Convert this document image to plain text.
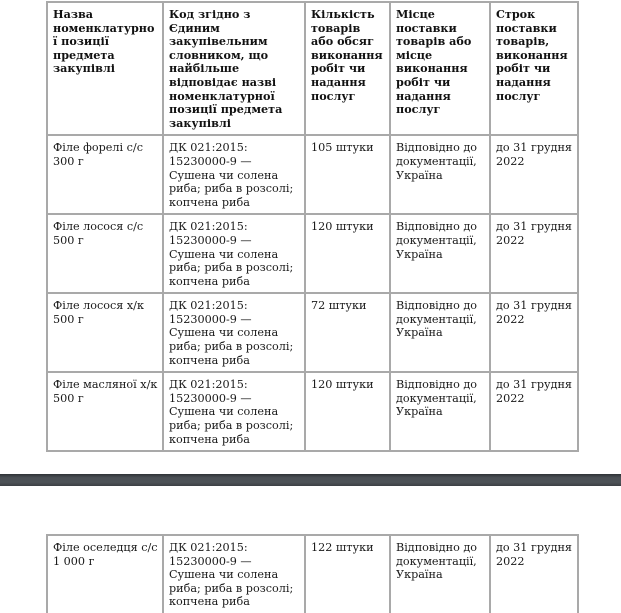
Назва номенклатурної позиції предмета закупівлі	Код згідно з Єдиним закупівельним словником, що найбільше відповідає назві номенклатурної позиції предмета закупівлі	Кількість товарів або обсяг виконання робіт чи надання послуг	Місце поставки товарів або місце виконання робіт чи надання послуг	Строк поставки товарів, виконання робіт чи надання послуг
Філе форелі с/с 300 г	ДК 021:2015: 15230000-9 — Сушена чи солена риба; риба в розсолі; копчена риба	105 штуки	Відповідно до документації, Україна	до 31 грудня 2022
Філе лосося с/с 500 г	ДК 021:2015: 15230000-9 — Сушена чи солена риба; риба в розсолі; копчена риба	120 штуки	Відповідно до документації, Україна	до 31 грудня 2022
Філе лосося х/к 500 г	ДК 021:2015: 15230000-9 — Сушена чи солена риба; риба в розсолі; копчена риба	72 штуки	Відповідно до документації, Україна	до 31 грудня 2022
Філе масляної х/к 500 г	ДК 021:2015: 15230000-9 — Сушена чи солена риба; риба в розсолі; копчена риба	120 штуки	Відповідно до документації, Україна	до 31 грудня 2022
Філе оселедця с/с 1 000 г	ДК 021:2015: 15230000-9 — Сушена чи солена риба; риба в розсолі; копчена риба	122 штуки	Відповідно до документації, Україна	до 31 грудня 2022
